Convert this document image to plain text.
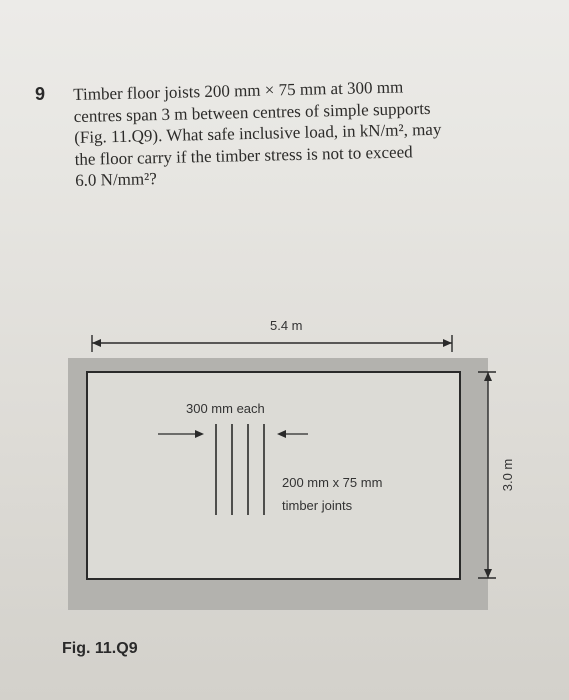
9 Timber floor joists 200 mm × 75 mm at 300 mm
centres span 3 m between centres of simple supports
(Fig. 11.Q9). What safe inclusive load, in kN/m², may
the floor carry if the timber stress is not to exceed
6.0 N/mm²?
5.4 m
3.0 m
300 mm each
200 mm x 75 mm
timber joints
Fig. 11.Q9
